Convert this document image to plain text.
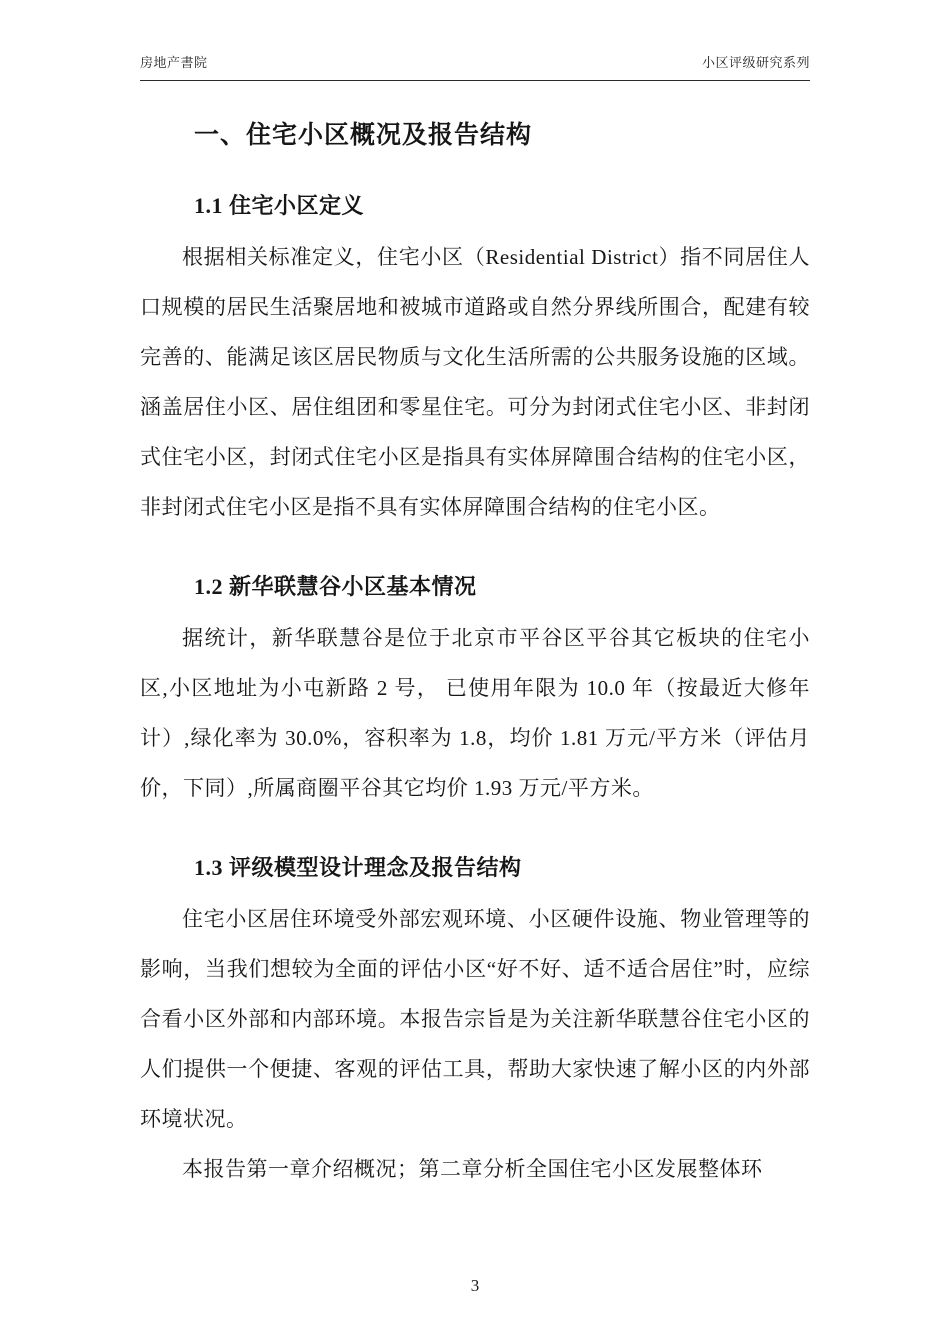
房地产書院	小区评级研究系列
一、住宅小区概况及报告结构
1.1 住宅小区定义

根据相关标准定义，住宅小区（Residential District）指不同居住人口规模的居民生活聚居地和被城市道路或自然分界线所围合，配建有较完善的、能满足该区居民物质与文化生活所需的公共服务设施的区域。涵盖居住小区、居住组团和零星住宅。可分为封闭式住宅小区、非封闭式住宅小区，封闭式住宅小区是指具有实体屏障围合结构的住宅小区，非封闭式住宅小区是指不具有实体屏障围合结构的住宅小区。

1.2 新华联慧谷小区基本情况

据统计，新华联慧谷是位于北京市平谷区平谷其它板块的住宅小区,小区地址为小屯新路 2 号， 已使用年限为 10.0 年（按最近大修年计）,绿化率为 30.0%，容积率为 1.8，均价 1.81 万元/平方米（评估月价，下同）,所属商圈平谷其它均价 1.93 万元/平方米。

1.3 评级模型设计理念及报告结构

住宅小区居住环境受外部宏观环境、小区硬件设施、物业管理等的影响，当我们想较为全面的评估小区“好不好、适不适合居住”时，应综合看小区外部和内部环境。本报告宗旨是为关注新华联慧谷住宅小区的人们提供一个便捷、客观的评估工具，帮助大家快速了解小区的内外部环境状况。

本报告第一章介绍概况；第二章分析全国住宅小区发展整体环

3
